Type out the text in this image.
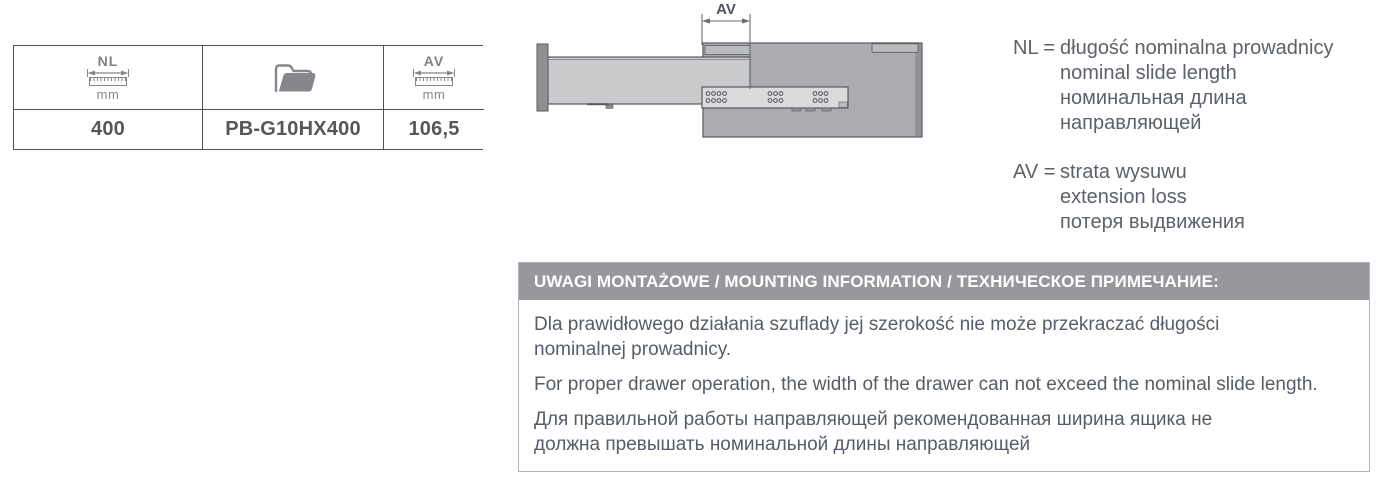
NL
mm
AV
mm
400	PB-G10HX400	106,5
AV
NL = długość nominalna prowadnicy
nominal slide length
номинальная длина
направляющей
AV = strata wysuwu
extension loss
потеря выдвижения
UWAGI MONTAŻOWE / MOUNTING INFORMATION / ТЕХНИЧЕСКОЕ ПРИМЕЧАНИЕ:
Dla prawidłowego działania szuflady jej szerokość nie może przekraczać długości
nominalnej prowadnicy.
For proper drawer operation, the width of the drawer can not exceed the nominal slide length.
Для правильной работы направляющей рекомендованная ширина ящика не
должна превышать номинальной длины направляющей
